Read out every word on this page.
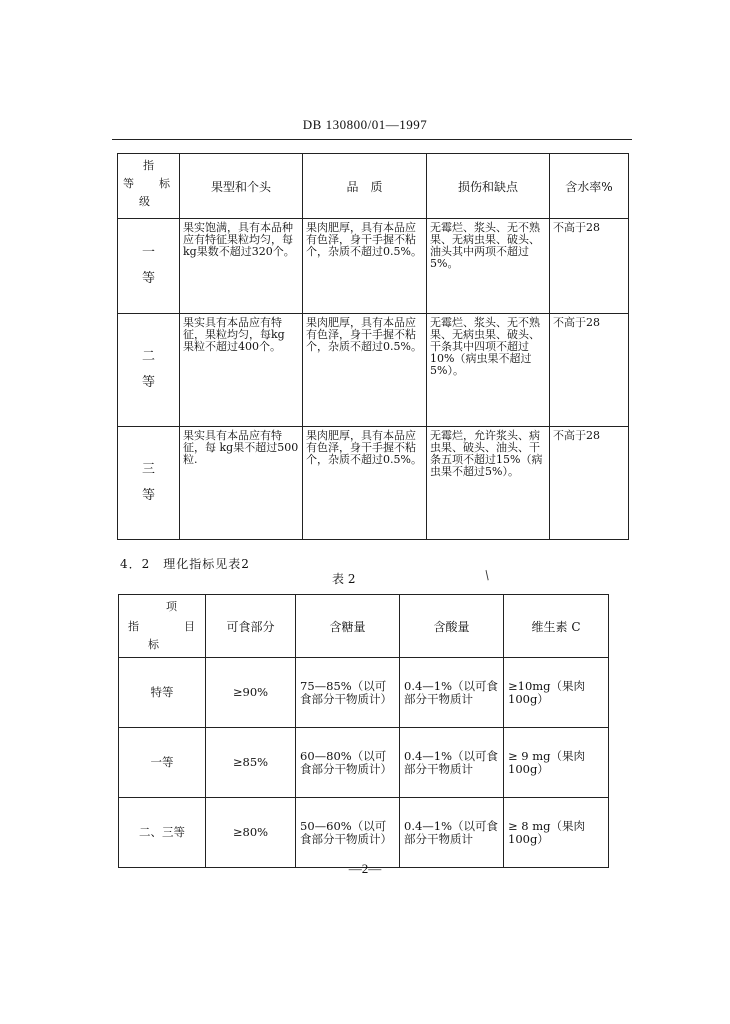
DB 130800/01—1997
指
等 标
级	果型和个头	品　质	损伤和缺点	含水率%
一
等	果实饱满，具有本品种应有特征果粒均匀，每kg果数不超过320个。	果肉肥厚，具有本品应有色泽，身干手握不粘个，杂质不超过0.5%。	无霉烂、浆头、无不熟果、无病虫果、破头、油头其中两项不超过5%。	不高于28
二
等	果实具有本品应有特征，果粒均匀，每kg 果粒不超过400个。	果肉肥厚，具有本品应有色泽，身干手握不粘个，杂质不超过0.5%。	无霉烂、浆头、无不熟果、无病虫果、破头、干条其中四项不超过10%（病虫果不超过5%）。	不高于28
三
等	果实具有本品应有特征，每 kg果不超过500粒.	果肉肥厚，具有本品应有色泽，身干手握不粘个，杂质不超过0.5%。	无霉烂，允许浆头、病虫果、破头、油头、干条五项不超过15%（病虫果不超过5%）。	不高于28
4．2　理化指标见表2
表 2	/
项
指 目
标	可食部分	含糖量	含酸量	维生素 C
特等	≥90%	75—85%（以可食部分干物质计）	0.4—1%（以可食部分干物质计	≥10mg（果肉100g）
一等	≥85%	60—80%（以可食部分干物质计）	0.4—1%（以可食部分干物质计	≥ 9 mg（果肉100g）
二、三等	≥80%	50—60%（以可食部分干物质计）	0.4—1%（以可食部分干物质计	≥ 8 mg（果肉100g）
—2—
